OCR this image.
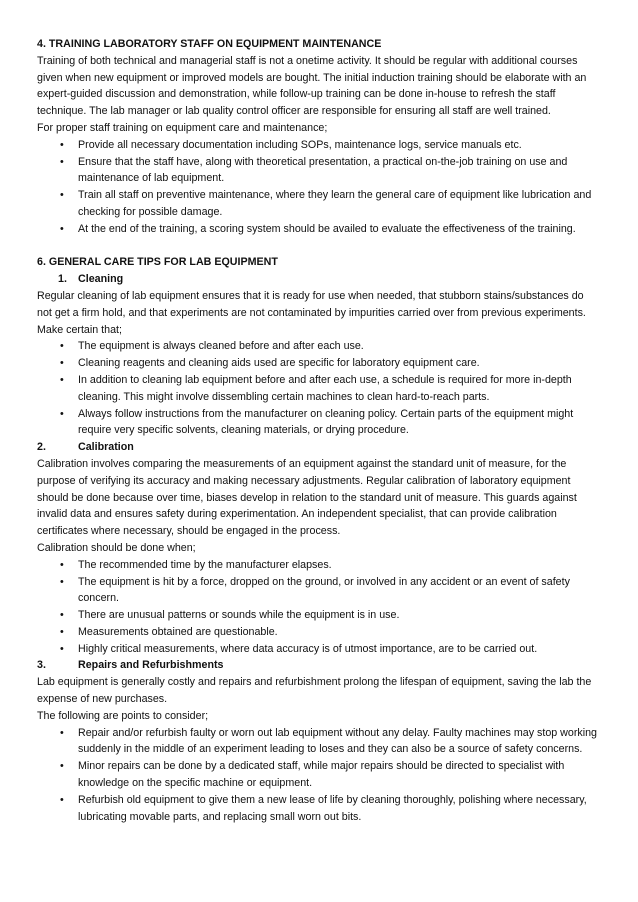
4. TRAINING LABORATORY STAFF ON EQUIPMENT MAINTENANCE

Training of both technical and managerial staff is not a onetime activity. It should be regular with additional courses given when new equipment or improved models are bought. The initial induction training should be elaborate with an expert-guided discussion and demonstration, while follow-up training can be done in-house to refresh the staff technique. The lab manager or lab quality control officer are responsible for ensuring all staff are well trained.

For proper staff training on equipment care and maintenance;

• Provide all necessary documentation including SOPs, maintenance logs, service manuals etc.
• Ensure that the staff have, along with theoretical presentation, a practical on-the-job training on use and maintenance of lab equipment.
• Train all staff on preventive maintenance, where they learn the general care of equipment like lubrication and checking for possible damage.
• At the end of the training, a scoring system should be availed to evaluate the effectiveness of the training.

6. GENERAL CARE TIPS FOR LAB EQUIPMENT

1. Cleaning

Regular cleaning of lab equipment ensures that it is ready for use when needed, that stubborn stains/substances do not get a firm hold, and that experiments are not contaminated by impurities carried over from previous experiments.

Make certain that;

• The equipment is always cleaned before and after each use.
• Cleaning reagents and cleaning aids used are specific for laboratory equipment care.
• In addition to cleaning lab equipment before and after each use, a schedule is required for more in-depth cleaning. This might involve dissembling certain machines to clean hard-to-reach parts.
• Always follow instructions from the manufacturer on cleaning policy. Certain parts of the equipment might require very specific solvents, cleaning materials, or drying procedure.

2.	Calibration

Calibration involves comparing the measurements of an equipment against the standard unit of measure, for the purpose of verifying its accuracy and making necessary adjustments. Regular calibration of laboratory equipment should be done because over time, biases develop in relation to the standard unit of measure. This guards against invalid data and ensures safety during experimentation. An independent specialist, that can provide calibration certificates where necessary, should be engaged in the process.

Calibration should be done when;

• The recommended time by the manufacturer elapses.
• The equipment is hit by a force, dropped on the ground, or involved in any accident or an event of safety concern.
• There are unusual patterns or sounds while the equipment is in use.
• Measurements obtained are questionable.
• Highly critical measurements, where data accuracy is of utmost importance, are to be carried out.

3.	Repairs and Refurbishments

Lab equipment is generally costly and repairs and refurbishment prolong the lifespan of equipment, saving the lab the expense of new purchases.

The following are points to consider;

• Repair and/or refurbish faulty or worn out lab equipment without any delay. Faulty machines may stop working suddenly in the middle of an experiment leading to loses and they can also be a source of safety concerns.
• Minor repairs can be done by a dedicated staff, while major repairs should be directed to specialist with knowledge on the specific machine or equipment.
• Refurbish old equipment to give them a new lease of life by cleaning thoroughly, polishing where necessary, lubricating movable parts, and replacing small worn out bits.
